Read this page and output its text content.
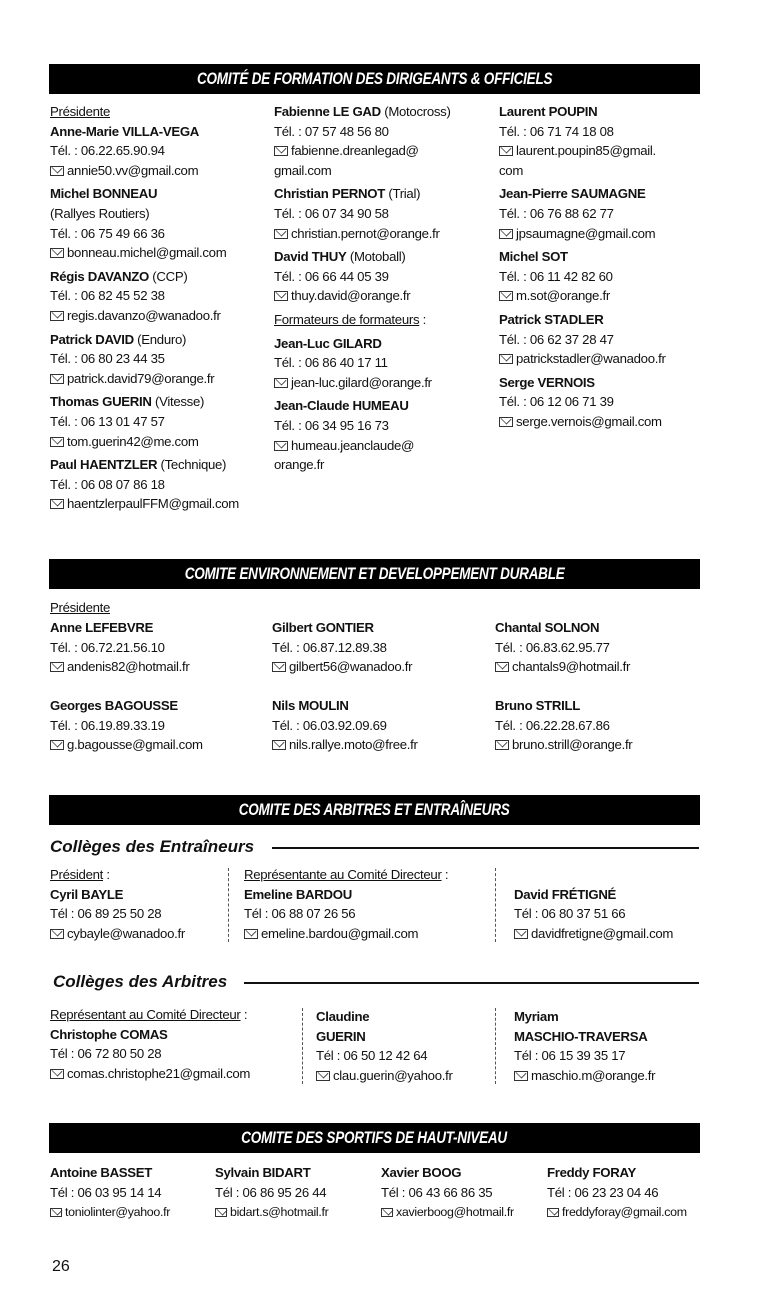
COMITÉ DE FORMATION DES DIRIGEANTS & OFFICIELS
Présidente
Anne-Marie VILLA-VEGA
Tél. : 06.22.65.90.94
annie50.vv@gmail.com
Michel BONNEAU
(Rallyes Routiers)
Tél. : 06 75 49 66 36
bonneau.michel@gmail.com
Régis DAVANZO (CCP)
Tél. : 06 82 45 52 38
regis.davanzo@wanadoo.fr
Patrick DAVID (Enduro)
Tél. : 06 80 23 44 35
patrick.david79@orange.fr
Thomas GUERIN (Vitesse)
Tél. : 06 13 01 47 57
tom.guerin42@me.com
Paul HAENTZLER (Technique)
Tél. : 06 08 07 86 18
haentzlerpaulFFM@gmail.com
Fabienne LE GAD (Motocross)
Tél. : 07 57 48 56 80
fabienne.dreanlegad@
gmail.com
Christian PERNOT (Trial)
Tél. : 06 07 34 90 58
christian.pernot@orange.fr
David THUY (Motoball)
Tél. : 06 66 44 05 39
thuy.david@orange.fr
Formateurs de formateurs :
Jean-Luc GILARD
Tél. : 06 86 40 17 11
jean-luc.gilard@orange.fr
Jean-Claude HUMEAU
Tél. : 06 34 95 16 73
humeau.jeanclaude@
orange.fr
Laurent POUPIN
Tél. : 06 71 74 18 08
laurent.poupin85@gmail.
com
Jean-Pierre SAUMAGNE
Tél. : 06 76 88 62 77
jpsaumagne@gmail.com
Michel SOT
Tél. : 06 11 42 82 60
m.sot@orange.fr
Patrick STADLER
Tél. : 06 62 37 28 47
patrickstadler@wanadoo.fr
Serge VERNOIS
Tél. : 06 12 06 71 39
serge.vernois@gmail.com
COMITE ENVIRONNEMENT ET DEVELOPPEMENT DURABLE
Présidente
Anne LEFEBVRE
Tél. : 06.72.21.56.10
andenis82@hotmail.fr
Gilbert GONTIER
Tél. : 06.87.12.89.38
gilbert56@wanadoo.fr
Chantal SOLNON
Tél. : 06.83.62.95.77
chantals9@hotmail.fr
Georges BAGOUSSE
Tél. : 06.19.89.33.19
g.bagousse@gmail.com
Nils MOULIN
Tél. : 06.03.92.09.69
nils.rallye.moto@free.fr
Bruno STRILL
Tél. : 06.22.28.67.86
bruno.strill@orange.fr
COMITE DES ARBITRES ET ENTRAÎNEURS
Collèges des Entraîneurs
Président :
Cyril BAYLE
Tél : 06 89 25 50 28
cybayle@wanadoo.fr
Représentante au Comité Directeur :
Emeline BARDOU
Tél : 06 88 07 26 56
emeline.bardou@gmail.com
David FRÉTIGNÉ
Tél : 06 80 37 51 66
davidfretigne@gmail.com
Collèges des Arbitres
Représentant au Comité Directeur :
Christophe COMAS
Tél : 06 72 80 50 28
comas.christophe21@gmail.com
Claudine
GUERIN
Tél : 06 50 12 42 64
clau.guerin@yahoo.fr
Myriam
MASCHIO-TRAVERSA
Tél : 06 15 39 35 17
maschio.m@orange.fr
COMITE DES SPORTIFS DE HAUT-NIVEAU
Antoine BASSET
Tél : 06 03 95 14 14
toniolinter@yahoo.fr
Sylvain BIDART
Tél : 06 86 95 26 44
bidart.s@hotmail.fr
Xavier BOOG
Tél : 06 43 66 86 35
xavierboog@hotmail.fr
Freddy FORAY
Tél : 06 23 23 04 46
freddyforay@gmail.com
26
